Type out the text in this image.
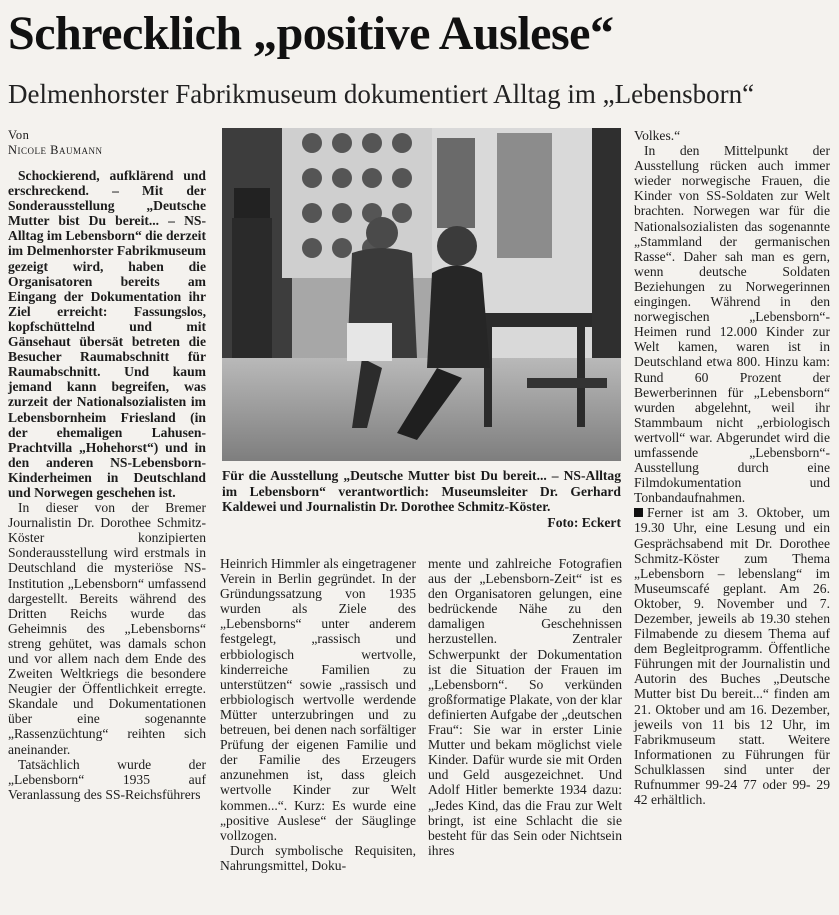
Schrecklich „positive Auslese“
Delmenhorster Fabrikmuseum dokumentiert Alltag im „Lebensborn“
Von
Nicole Baumann

Schockierend, aufklärend und erschreckend. – Mit der Sonderausstellung „Deutsche Mutter bist Du bereit... – NS-Alltag im Lebensborn“ die derzeit im Delmenhorster Fabrikmuseum gezeigt wird, haben die Organisatoren bereits am Eingang der Dokumentation ihr Ziel erreicht: Fassungslos, kopfschüttelnd und mit Gänsehaut übersät betreten die Besucher Raumabschnitt für Raumabschnitt. Und kaum jemand kann begreifen, was zurzeit der Nationalsozialisten im Lebensbornheim Friesland (in der ehemaligen Lahusen-Prachtvilla „Hohehorst“) und in den anderen NS-Lebensborn-Kinderheimen in Deutschland und Norwegen geschehen ist.

In dieser von der Bremer Journalistin Dr. Dorothee Schmitz-Köster konzipierten Sonderausstellung wird erstmals in Deutschland die mysteriöse NS-Institution „Lebensborn“ umfassend dargestellt. Bereits während des Dritten Reichs wurde das Geheimnis des „Lebensborns“ streng gehütet, was damals schon und vor allem nach dem Ende des Zweiten Weltkriegs die besondere Neugier der Öffentlichkeit erregte. Skandale und Dokumentationen über eine sogenannte „Rassenzüchtung“ reihten sich aneinander.

Tatsächlich wurde der „Lebensborn“ 1935 auf Veranlassung des SS-Reichsführers

Für die Ausstellung „Deutsche Mutter bist Du bereit... – NS-Alltag im Lebensborn“ verantwortlich: Museumsleiter Dr. Gerhard Kaldewei und Journalistin Dr. Dorothee Schmitz-Köster.
Foto: Eckert

Heinrich Himmler als eingetragener Verein in Berlin gegründet. In der Gründungssatzung von 1935 wurden als Ziele des „Lebensborns“ unter anderem festgelegt, „rassisch und erbbiologisch wertvolle, kinderreiche Familien zu unterstützen“ sowie „rassisch und erbbiologisch wertvolle werdende Mütter unterzubringen und zu betreuen, bei denen nach sorfältiger Prüfung der eigenen Familie und der Familie des Erzeugers anzunehmen ist, dass gleich wertvolle Kinder zur Welt kommen...“. Kurz: Es wurde eine „positive Auslese“ der Säuglinge vollzogen.

Durch symbolische Requisiten, Nahrungsmittel, Doku-

mente und zahlreiche Fotografien aus der „Lebensborn-Zeit“ ist es den Organisatoren gelungen, eine bedrückende Nähe zu den damaligen Geschehnissen herzustellen. Zentraler Schwerpunkt der Dokumentation ist die Situation der Frauen im „Lebensborn“. So verkünden großformatige Plakate, von der klar definierten Aufgabe der „deutschen Frau“: Sie war in erster Linie Mutter und bekam möglichst viele Kinder. Dafür wurde sie mit Orden und Geld ausgezeichnet. Und Adolf Hitler bemerkte 1934 dazu: „Jedes Kind, das die Frau zur Welt bringt, ist eine Schlacht die sie besteht für das Sein oder Nichtsein ihres

Volkes.“

In den Mittelpunkt der Ausstellung rücken auch immer wieder norwegische Frauen, die Kinder von SS-Soldaten zur Welt brachten. Norwegen war für die Nationalsozialisten das sogenannte „Stammland der germanischen Rasse“. Daher sah man es gern, wenn deutsche Soldaten Beziehungen zu Norwegerinnen eingingen. Während in den norwegischen „Lebensborn“-Heimen rund 12.000 Kinder zur Welt kamen, waren ist in Deutschland etwa 800. Hinzu kam: Rund 60 Prozent der Bewerberinnen für „Lebensborn“ wurden abgelehnt, weil ihr Stammbaum nicht „erbiologisch wertvoll“ war. Abgerundet wird die umfassende „Lebensborn“-Ausstellung durch eine Filmdokumentation und Tonbandaufnahmen.

Ferner ist am 3. Oktober, um 19.30 Uhr, eine Lesung und ein Gesprächsabend mit Dr. Dorothee Schmitz-Köster zum Thema „Lebensborn – lebenslang“ im Museumscafé geplant. Am 26. Oktober, 9. November und 7. Dezember, jeweils ab 19.30 stehen Filmabende zu diesem Thema auf dem Begleitprogramm. Öffentliche Führungen mit der Journalistin und Autorin des Buches „Deutsche Mutter bist Du bereit...“ finden am 21. Oktober und am 16. Dezember, jeweils von 11 bis 12 Uhr, im Fabrikmuseum statt. Weitere Informationen zu Führungen für Schulklassen sind unter der Rufnummer 99-24 77 oder 99- 29 42 erhältlich.
